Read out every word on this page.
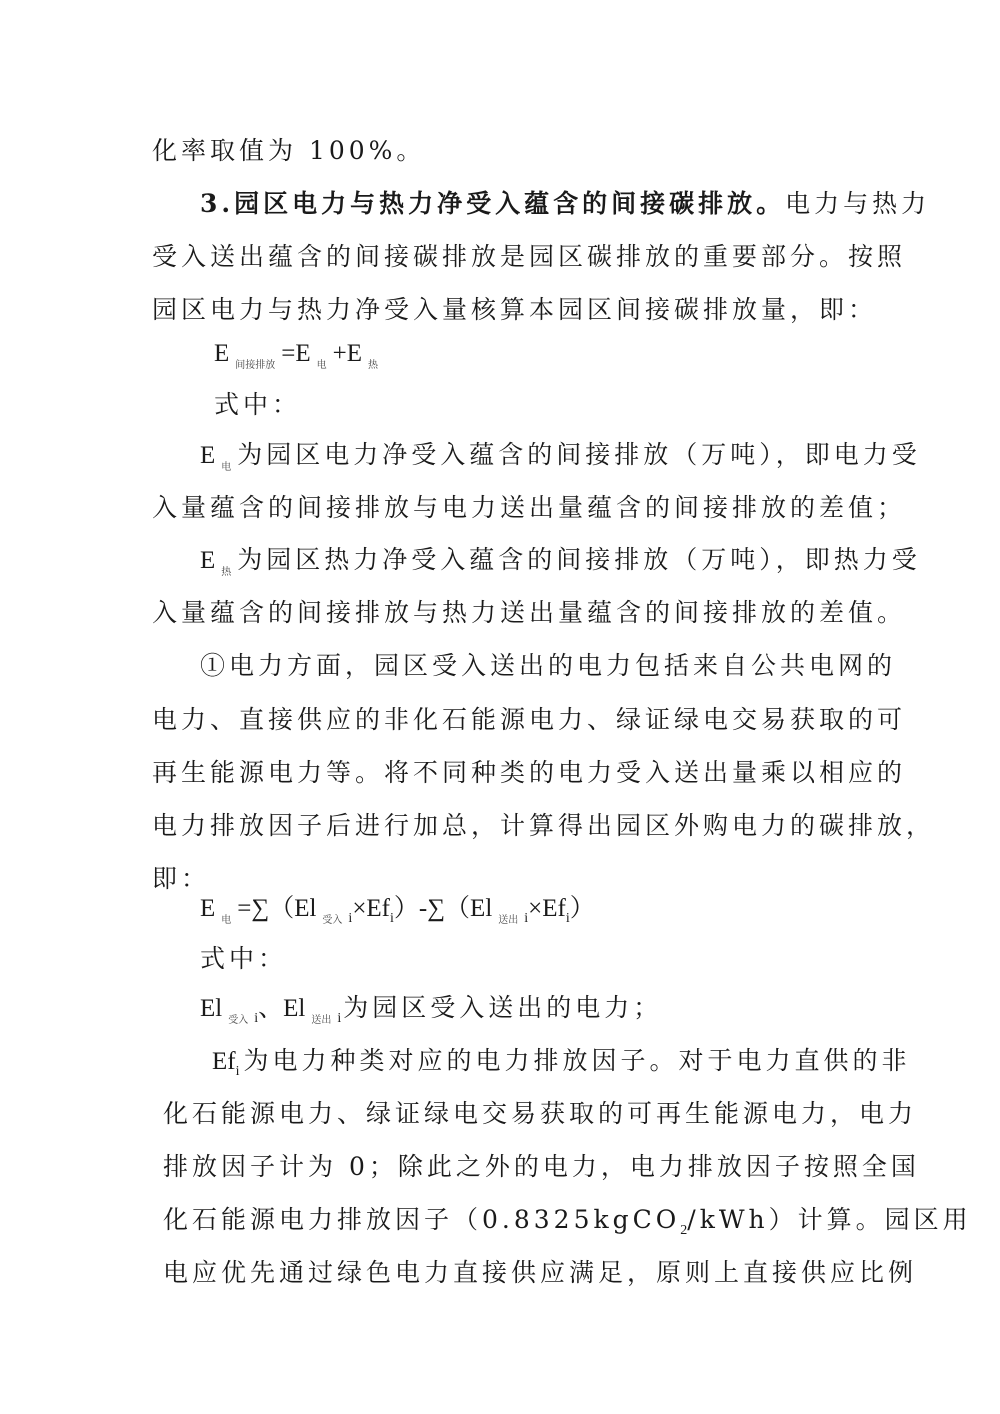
化率取值为 100%。
3.园区电力与热力净受入蕴含的间接碳排放。电力与热力
受入送出蕴含的间接碳排放是园区碳排放的重要部分。按照
园区电力与热力净受入量核算本园区间接碳排放量，即：
E $_{间接排放}$ =E $_电$ +E $_热$
式中：
E $_电$ 为园区电力净受入蕴含的间接排放（万吨），即电力受
入量蕴含的间接排放与电力送出量蕴含的间接排放的差值；
E $_热$ 为园区热力净受入蕴含的间接排放（万吨），即热力受
入量蕴含的间接排放与热力送出量蕴含的间接排放的差值。
①电力方面，园区受入送出的电力包括来自公共电网的
电力、直接供应的非化石能源电力、绿证绿电交易获取的可
再生能源电力等。将不同种类的电力受入送出量乘以相应的
电力排放因子后进行加总，计算得出园区外购电力的碳排放，
即：
E $_电$ =∑（El $_{受入}$ $_i\times Ef_i)-\sum(El$ $_{送出}$ $_i\times Ef_i$）
式中：
El $_{受入}$ $_i$、El $_{送出}$ $_i$为园区受入送出的电力；
$Ef_i$ 为电力种类对应的电力排放因子。对于电力直供的非
化石能源电力、绿证绿电交易获取的可再生能源电力，电力
排放因子计为 0；除此之外的电力，电力排放因子按照全国
化石能源电力排放因子（0.8325kgCO$_2$/kWh）计算。园区用
电应优先通过绿色电力直接供应满足，原则上直接供应比例
